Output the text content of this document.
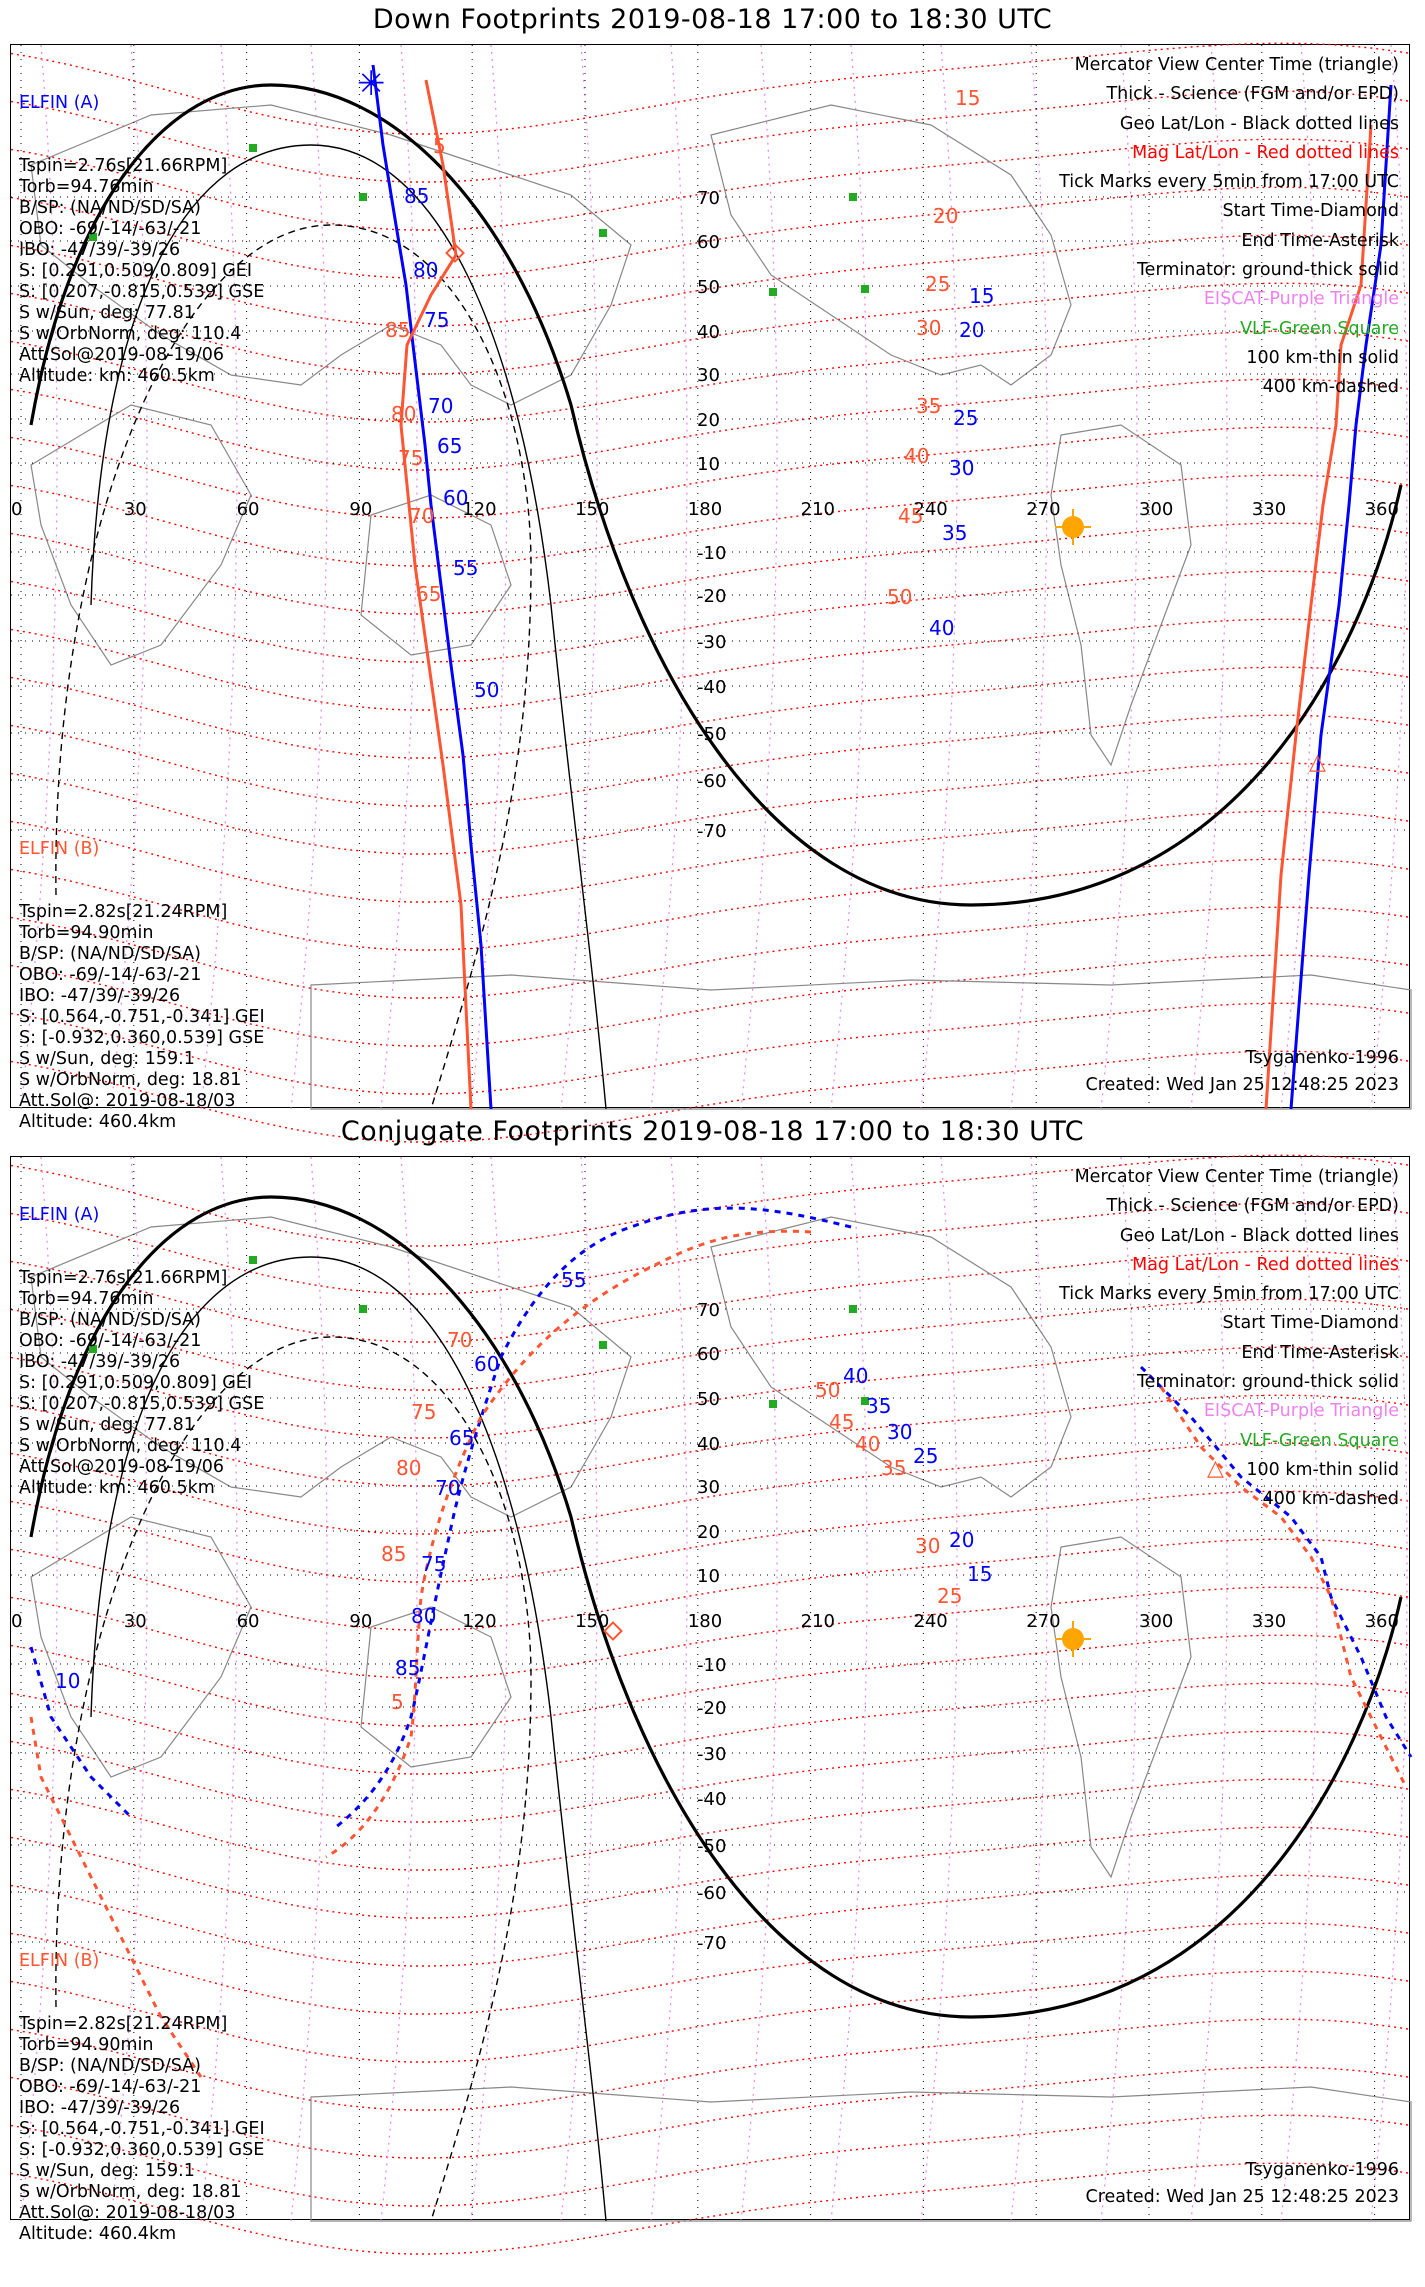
Down Footprints 2019-08-18 17:00 to 18:30 UTC
0	30	60	90	120	150	180	210	240	270	300	330	360
70
60
50
40
30
20
10
-10
-20
-30
-40
-50
-60
-70
✳
△
85
80
75
70
65
60
55
50
15
20
25
30
35
40
5
85
80
75
70
65
15
20
25
30
35
40
45
50

ELFIN (A)

Tspin=2.76s[21.66RPM]
Torb=94.76min
B/SP: (NA/ND/SD/SA)
OBO: -69/-14/-63/-21
IBO: -47/39/-39/26
S: [0.291,0.509,0.809] GEI
S: [0.207,-0.815,0.539] GSE
S w/Sun, deg: 77.81
S w/OrbNorm, deg: 110.4
Att.Sol@2019-08-19/06
Altitude: km: 460.5km

ELFIN (B)

Tspin=2.82s[21.24RPM]
Torb=94.90min
B/SP: (NA/ND/SD/SA)
OBO: -69/-14/-63/-21
IBO: -47/39/-39/26
S: [0.564,-0.751,-0.341] GEI
S: [-0.932,0.360,0.539] GSE
S w/Sun, deg: 159.1
S w/OrbNorm, deg: 18.81
Att.Sol@: 2019-08-18/03
Altitude: 460.4km

Mercator View Center Time (triangle)
Thick - Science (FGM and/or EPD)
Geo Lat/Lon - Black dotted lines
Mag Lat/Lon - Red dotted lines
Tick Marks every 5min from 17:00 UTC
Start Time-Diamond
End Time-Asterisk
Terminator: ground-thick solid
EISCAT-Purple Triangle
VLF-Green Square
100 km-thin solid
400 km-dashed
Tsyganenko-1996
Created: Wed Jan 25 12:48:25 2023
Conjugate Footprints 2019-08-18 17:00 to 18:30 UTC
0	30	60	90	120	150	180	210	240	270	300	330	360
70
60
50
40
30
20
10
-10
-20
-30
-40
-50
-60
-70
△
55
60
65
70
75
80
85
10
40
35
30
25
20
15
70
75
80
85
5
50
45
40
35
30
25

ELFIN (A)

Tspin=2.76s[21.66RPM]
Torb=94.76min
B/SP: (NA/ND/SD/SA)
OBO: -69/-14/-63/-21
IBO: -47/39/-39/26
S: [0.291,0.509,0.809] GEI
S: [0.207,-0.815,0.539] GSE
S w/Sun, deg: 77.81
S w/OrbNorm, deg: 110.4
Att.Sol@2019-08-19/06
Altitude: km: 460.5km

ELFIN (B)

Tspin=2.82s[21.24RPM]
Torb=94.90min
B/SP: (NA/ND/SD/SA)
OBO: -69/-14/-63/-21
IBO: -47/39/-39/26
S: [0.564,-0.751,-0.341] GEI
S: [-0.932,0.360,0.539] GSE
S w/Sun, deg: 159.1
S w/OrbNorm, deg: 18.81
Att.Sol@: 2019-08-18/03
Altitude: 460.4km

Mercator View Center Time (triangle)
Thick - Science (FGM and/or EPD)
Geo Lat/Lon - Black dotted lines
Mag Lat/Lon - Red dotted lines
Tick Marks every 5min from 17:00 UTC
Start Time-Diamond
End Time-Asterisk
Terminator: ground-thick solid
EISCAT-Purple Triangle
VLF-Green Square
100 km-thin solid
400 km-dashed
Tsyganenko-1996
Created: Wed Jan 25 12:48:25 2023
